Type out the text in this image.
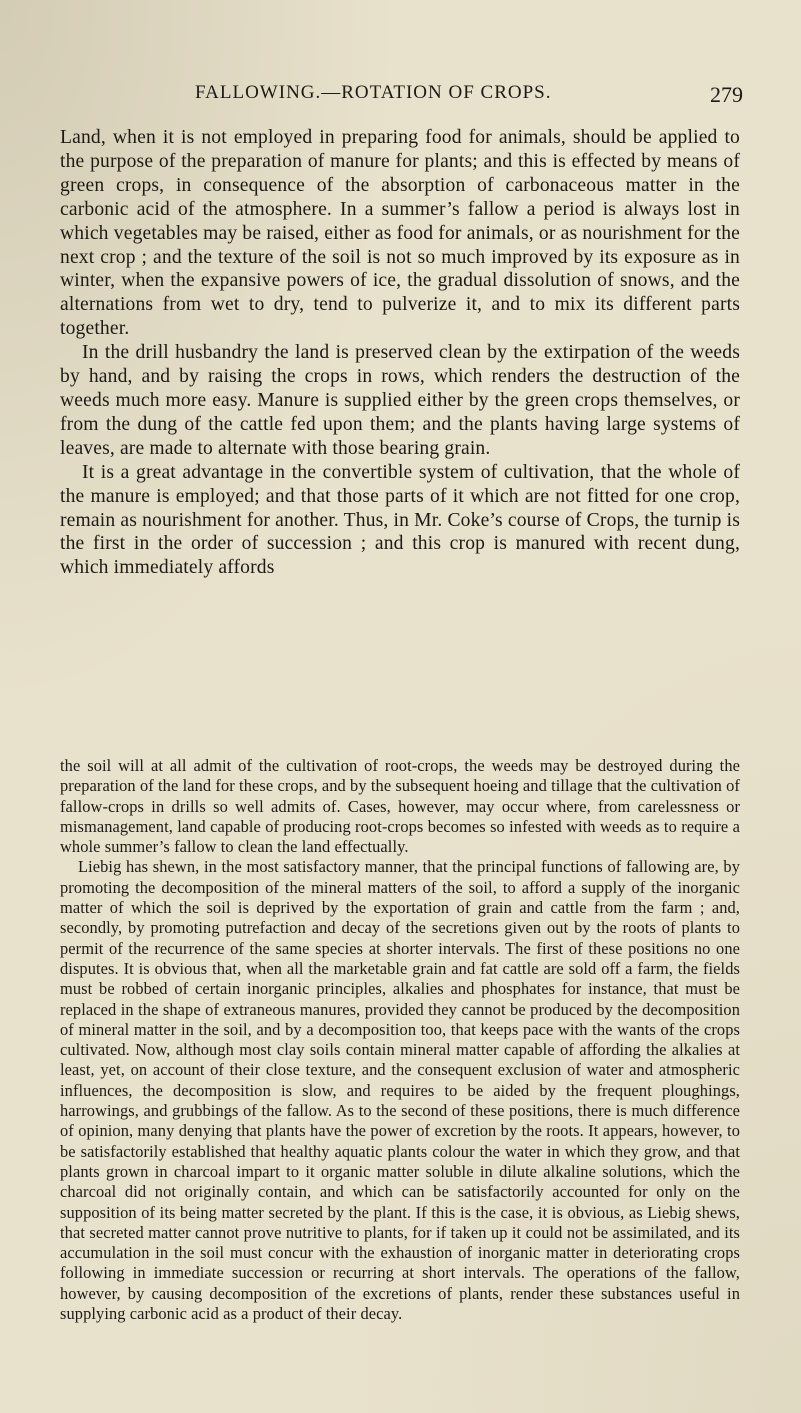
FALLOWING.—ROTATION OF CROPS.	279

Land, when it is not employed in preparing food for animals, should be applied to the purpose of the preparation of manure for plants; and this is effected by means of green crops, in consequence of the absorption of carbonaceous matter in the carbonic acid of the atmosphere. In a summer’s fallow a period is always lost in which vegetables may be raised, either as food for animals, or as nourishment for the next crop ; and the texture of the soil is not so much improved by its exposure as in winter, when the expansive powers of ice, the gradual dissolution of snows, and the alternations from wet to dry, tend to pulverize it, and to mix its different parts together.

In the drill husbandry the land is preserved clean by the extirpation of the weeds by hand, and by raising the crops in rows, which renders the destruction of the weeds much more easy. Manure is supplied either by the green crops themselves, or from the dung of the cattle fed upon them; and the plants having large systems of leaves, are made to alternate with those bearing grain.

It is a great advantage in the convertible system of cultivation, that the whole of the manure is employed; and that those parts of it which are not fitted for one crop, remain as nourishment for another. Thus, in Mr. Coke’s course of Crops, the turnip is the first in the order of succession ; and this crop is manured with recent dung, which immediately affords

the soil will at all admit of the cultivation of root-crops, the weeds may be destroyed during the preparation of the land for these crops, and by the subsequent hoeing and tillage that the cultivation of fallow-crops in drills so well admits of. Cases, however, may occur where, from carelessness or mismanagement, land capable of producing root-crops becomes so infested with weeds as to require a whole summer’s fallow to clean the land effectually.

Liebig has shewn, in the most satisfactory manner, that the principal functions of fallowing are, by promoting the decomposition of the mineral matters of the soil, to afford a supply of the inorganic matter of which the soil is deprived by the exportation of grain and cattle from the farm ; and, secondly, by promoting putrefaction and decay of the secretions given out by the roots of plants to permit of the recurrence of the same species at shorter intervals. The first of these positions no one disputes. It is obvious that, when all the marketable grain and fat cattle are sold off a farm, the fields must be robbed of certain inorganic principles, alkalies and phosphates for instance, that must be replaced in the shape of extraneous manures, provided they cannot be produced by the decomposition of mineral matter in the soil, and by a decomposition too, that keeps pace with the wants of the crops cultivated. Now, although most clay soils contain mineral matter capable of affording the alkalies at least, yet, on account of their close texture, and the consequent exclusion of water and atmospheric influences, the decomposition is slow, and requires to be aided by the frequent ploughings, harrowings, and grubbings of the fallow. As to the second of these positions, there is much difference of opinion, many denying that plants have the power of excretion by the roots. It appears, however, to be satisfactorily established that healthy aquatic plants colour the water in which they grow, and that plants grown in charcoal impart to it organic matter soluble in dilute alkaline solutions, which the charcoal did not originally contain, and which can be satisfactorily accounted for only on the supposition of its being matter secreted by the plant. If this is the case, it is obvious, as Liebig shews, that secreted matter cannot prove nutritive to plants, for if taken up it could not be assimilated, and its accumulation in the soil must concur with the exhaustion of inorganic matter in deteriorating crops following in immediate succession or recurring at short intervals. The operations of the fallow, however, by causing decomposition of the excretions of plants, render these substances useful in supplying carbonic acid as a product of their decay.
